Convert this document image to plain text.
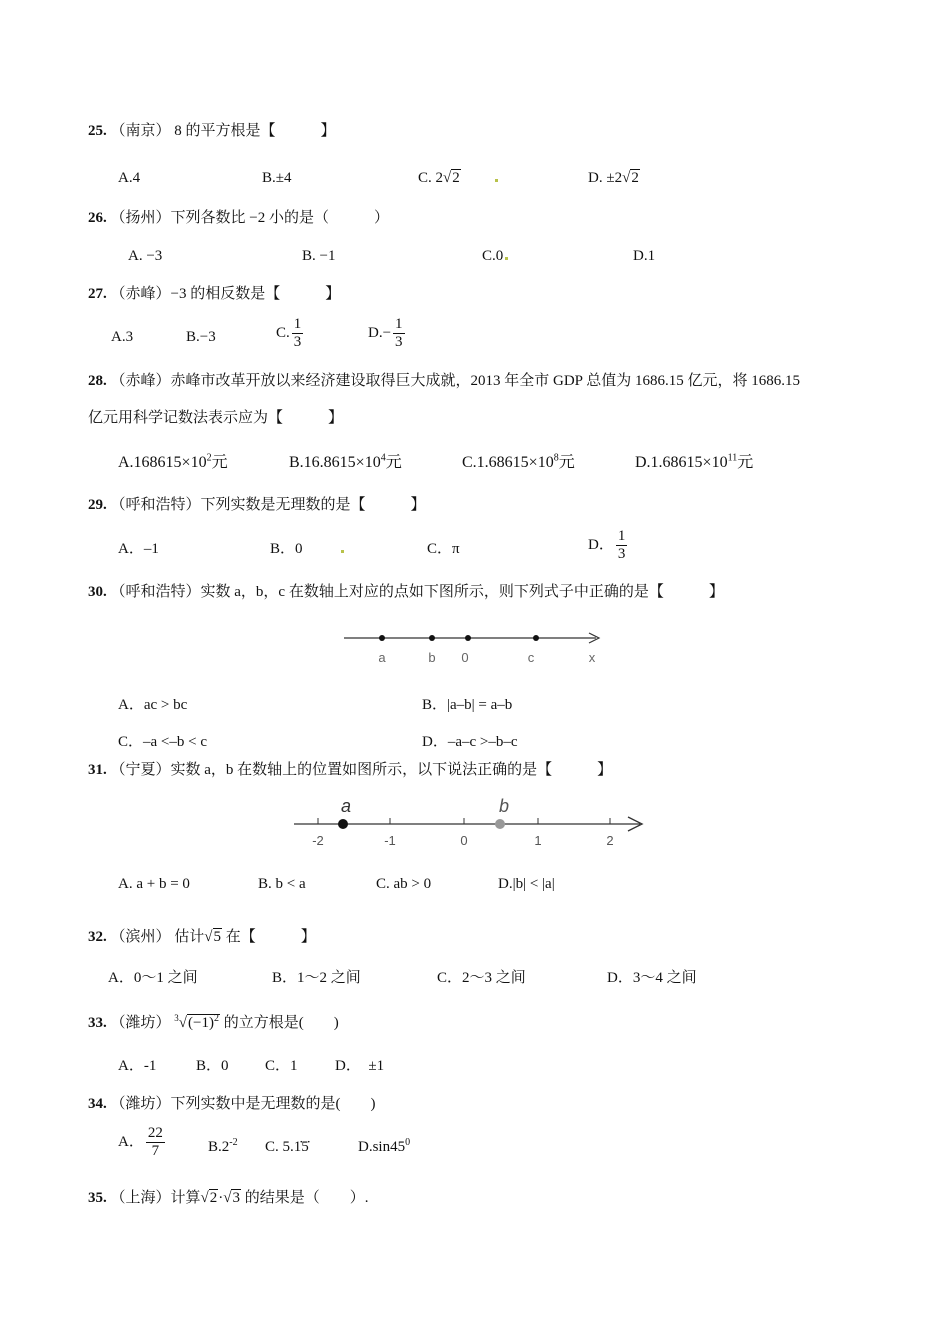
25. （南京） 8 的平方根是【　　　】
A.4	B.±4	C. 2√2	D. ±2√2
26. （扬州）下列各数比 −2 小的是（　　　）
A. −3	B. −1	C.0	D.1
27. （赤峰）−3 的相反数是【　　　】
A.3	B.−3	C. $\frac{1}{3}$	$D.- \frac{1}{3}$
28. （赤峰）赤峰市改革开放以来经济建设取得巨大成就，2013 年全市 GDP 总值为 1686.15 亿元，将 1686.15
亿元用科学记数法表示应为【　　　】
$A.168615\times 10^2$元	$B.16.8615\times 10^4$元	$C.1.68615\times 10^8$元	$D.1.68615\times 10^{11}$元
29. （呼和浩特）下列实数是无理数的是【　　　】
A．–1	B．0	C．π	D． $\frac{1}{3}$
30. （呼和浩特）实数 a，b，c 在数轴上对应的点如下图所示，则下列式子中正确的是【　　　】
a	b 0	c	x
A．ac > bc	B．|a–b| = a–b
C．–a <–b < c	D．–a–c >–b–c
31. （宁夏）实数 a，b 在数轴上的位置如图所示，以下说法正确的是【　　　】
a	b
-2	-1	0	1	2
A. a + b = 0	B. b < a	C. ab > 0	D.|b| < |a|
32. （滨州） 估计√5 在【　　　】
A．0～1 之间	B．1～2 之间	C．2～3 之间	D．3～4 之间
33. （潍坊） $^3√(-1)^2$ 的立方根是(　　)
A．-1	B．0 C．1 D．　±1
34. （潍坊）下列实数中是无理数的是(　　)
A． $\frac{22}{7}$	$B.2^{-2}$ C. 5.1̇5̇	$D.\sin 45^0$
35. （上海）计算√2·√3 的结果是（　　）.
